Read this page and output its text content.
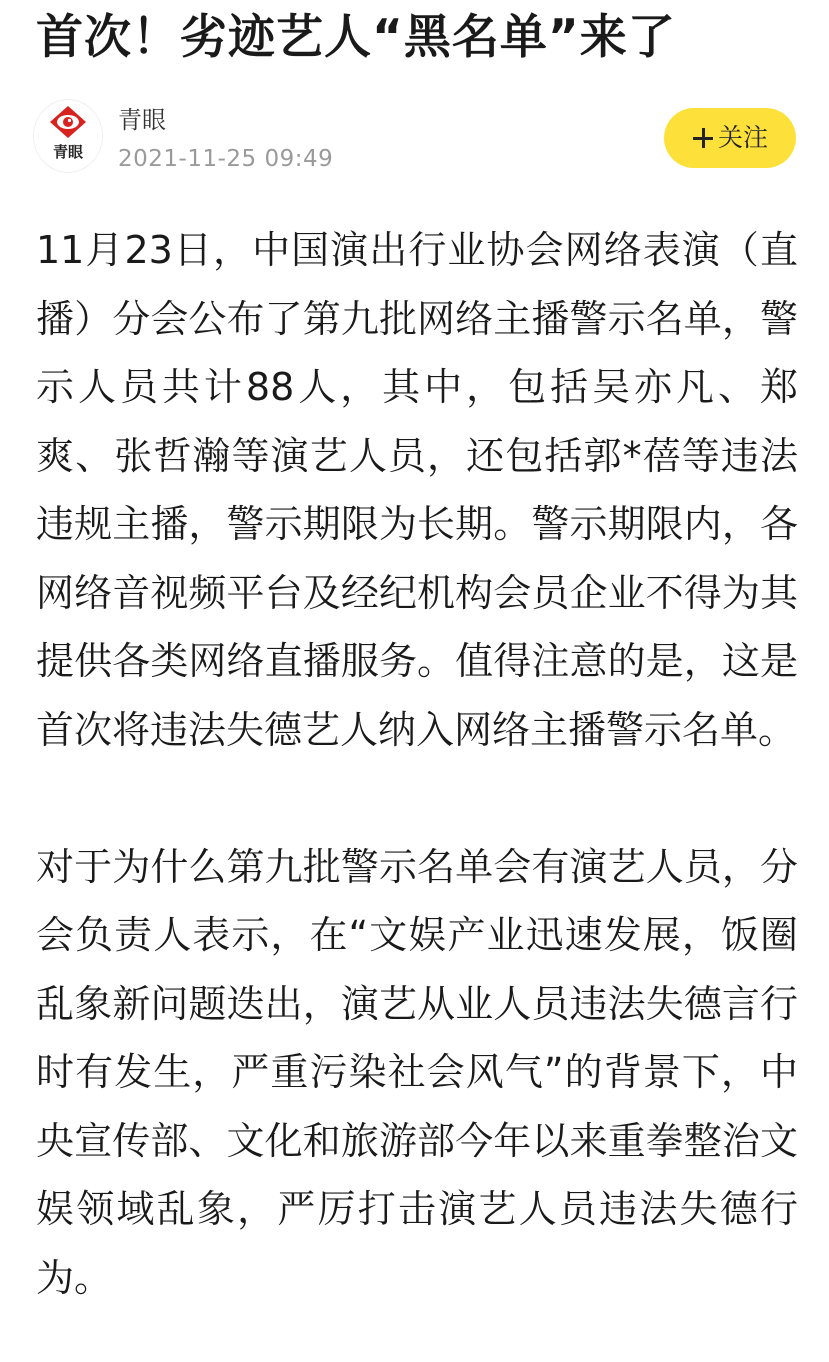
首次！劣迹艺人“黑名单”来了
青眼
青眼
2021-11-25 09:49
关注

11月23日，中国演出行业协会网络表演（直播）分会公布了第九批网络主播警示名单，警示人员共计88人，其中，包括吴亦凡、郑爽、张哲瀚等演艺人员，还包括郭*蓓等违法违规主播，警示期限为长期。警示期限内，各网络音视频平台及经纪机构会员企业不得为其提供各类网络直播服务。值得注意的是，这是首次将违法失德艺人纳入网络主播警示名单。

对于为什么第九批警示名单会有演艺人员，分会负责人表示，在“文娱产业迅速发展，饭圈乱象新问题迭出，演艺从业人员违法失德言行时有发生，严重污染社会风气”的背景下，中央宣传部、文化和旅游部今年以来重拳整治文娱领域乱象，严厉打击演艺人员违法失德行为。
